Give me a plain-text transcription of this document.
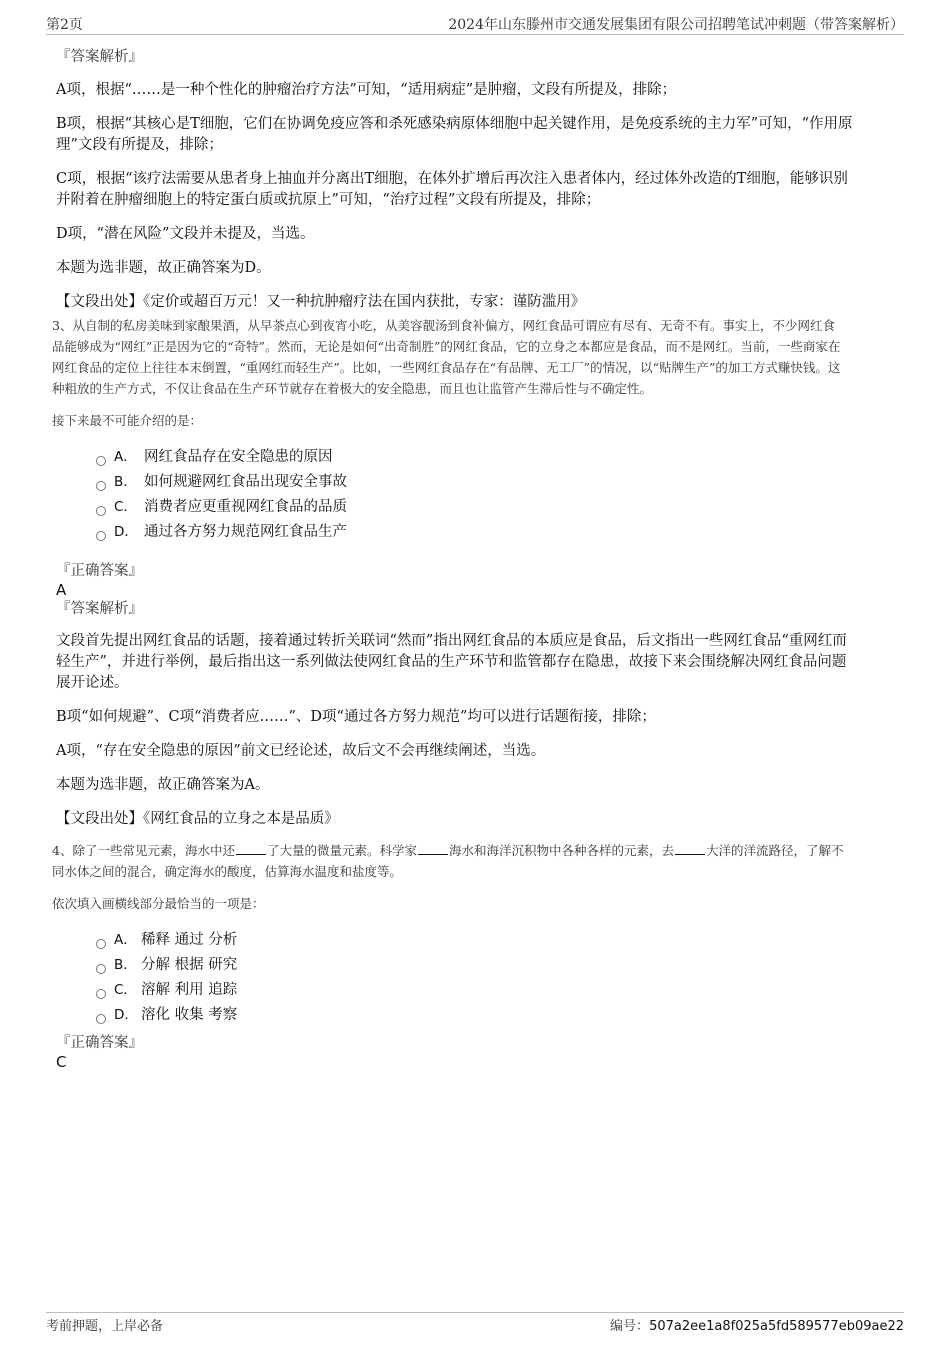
第2页	2024年山东滕州市交通发展集团有限公司招聘笔试冲刺题（带答案解析）
『答案解析』

A项，根据“……是一种个性化的肿瘤治疗方法”可知，“适用病症”是肿瘤，文段有所提及，排除；

B项，根据“其核心是T细胞，它们在协调免疫应答和杀死感染病原体细胞中起关键作用，是免疫系统的主力军”可知，“作用原

理”文段有所提及，排除；

C项，根据“该疗法需要从患者身上抽血并分离出T细胞，在体外扩增后再次注入患者体内，经过体外改造的T细胞，能够识别

并附着在肿瘤细胞上的特定蛋白质或抗原上”可知，“治疗过程”文段有所提及，排除；

D项，“潜在风险”文段并未提及，当选。

本题为选非题，故正确答案为D。

【文段出处】《定价或超百万元！又一种抗肿瘤疗法在国内获批，专家：谨防滥用》

3、从自制的私房美味到家酿果酒，从早茶点心到夜宵小吃，从美容靓汤到食补偏方，网红食品可谓应有尽有、无奇不有。事实上，不少网红食

品能够成为“网红”正是因为它的“奇特”。然而，无论是如何“出奇制胜”的网红食品，它的立身之本都应是食品，而不是网红。当前，一些商家在

网红食品的定位上往往本末倒置，“重网红而轻生产”。比如，一些网红食品存在“有品牌、无工厂”的情况，以“贴牌生产”的加工方式赚快钱。这

种粗放的生产方式，不仅让食品在生产环节就存在着极大的安全隐患，而且也让监管产生滞后性与不确定性。

接下来最不可能介绍的是：

A． 网红食品存在安全隐患的原因
B． 如何规避网红食品出现安全事故
C． 消费者应更重视网红食品的品质
D． 通过各方努力规范网红食品生产
『正确答案』
A
『答案解析』

文段首先提出网红食品的话题，接着通过转折关联词“然而”指出网红食品的本质应是食品，后文指出一些网红食品“重网红而

轻生产”，并进行举例，最后指出这一系列做法使网红食品的生产环节和监管都存在隐患，故接下来会围绕解决网红食品问题

展开论述。

B项“如何规避”、C项“消费者应……”、D项“通过各方努力规范”均可以进行话题衔接，排除；

A项，“存在安全隐患的原因”前文已经论述，故后文不会再继续阐述，当选。

本题为选非题，故正确答案为A。

【文段出处】《网红食品的立身之本是品质》

4、除了一些常见元素，海水中还	了大量的微量元素。科学家	海水和海洋沉积物中各种各样的元素，去	大洋的洋流路径，了解不

同水体之间的混合，确定海水的酸度，估算海水温度和盐度等。

依次填入画横线部分最恰当的一项是：

A． 稀释 通过 分析
B． 分解 根据 研究
C． 溶解 利用 追踪
D． 溶化 收集 考察
『正确答案』
C
考前押题，上岸必备	编号：507a2ee1a8f025a5fd589577eb09ae22
